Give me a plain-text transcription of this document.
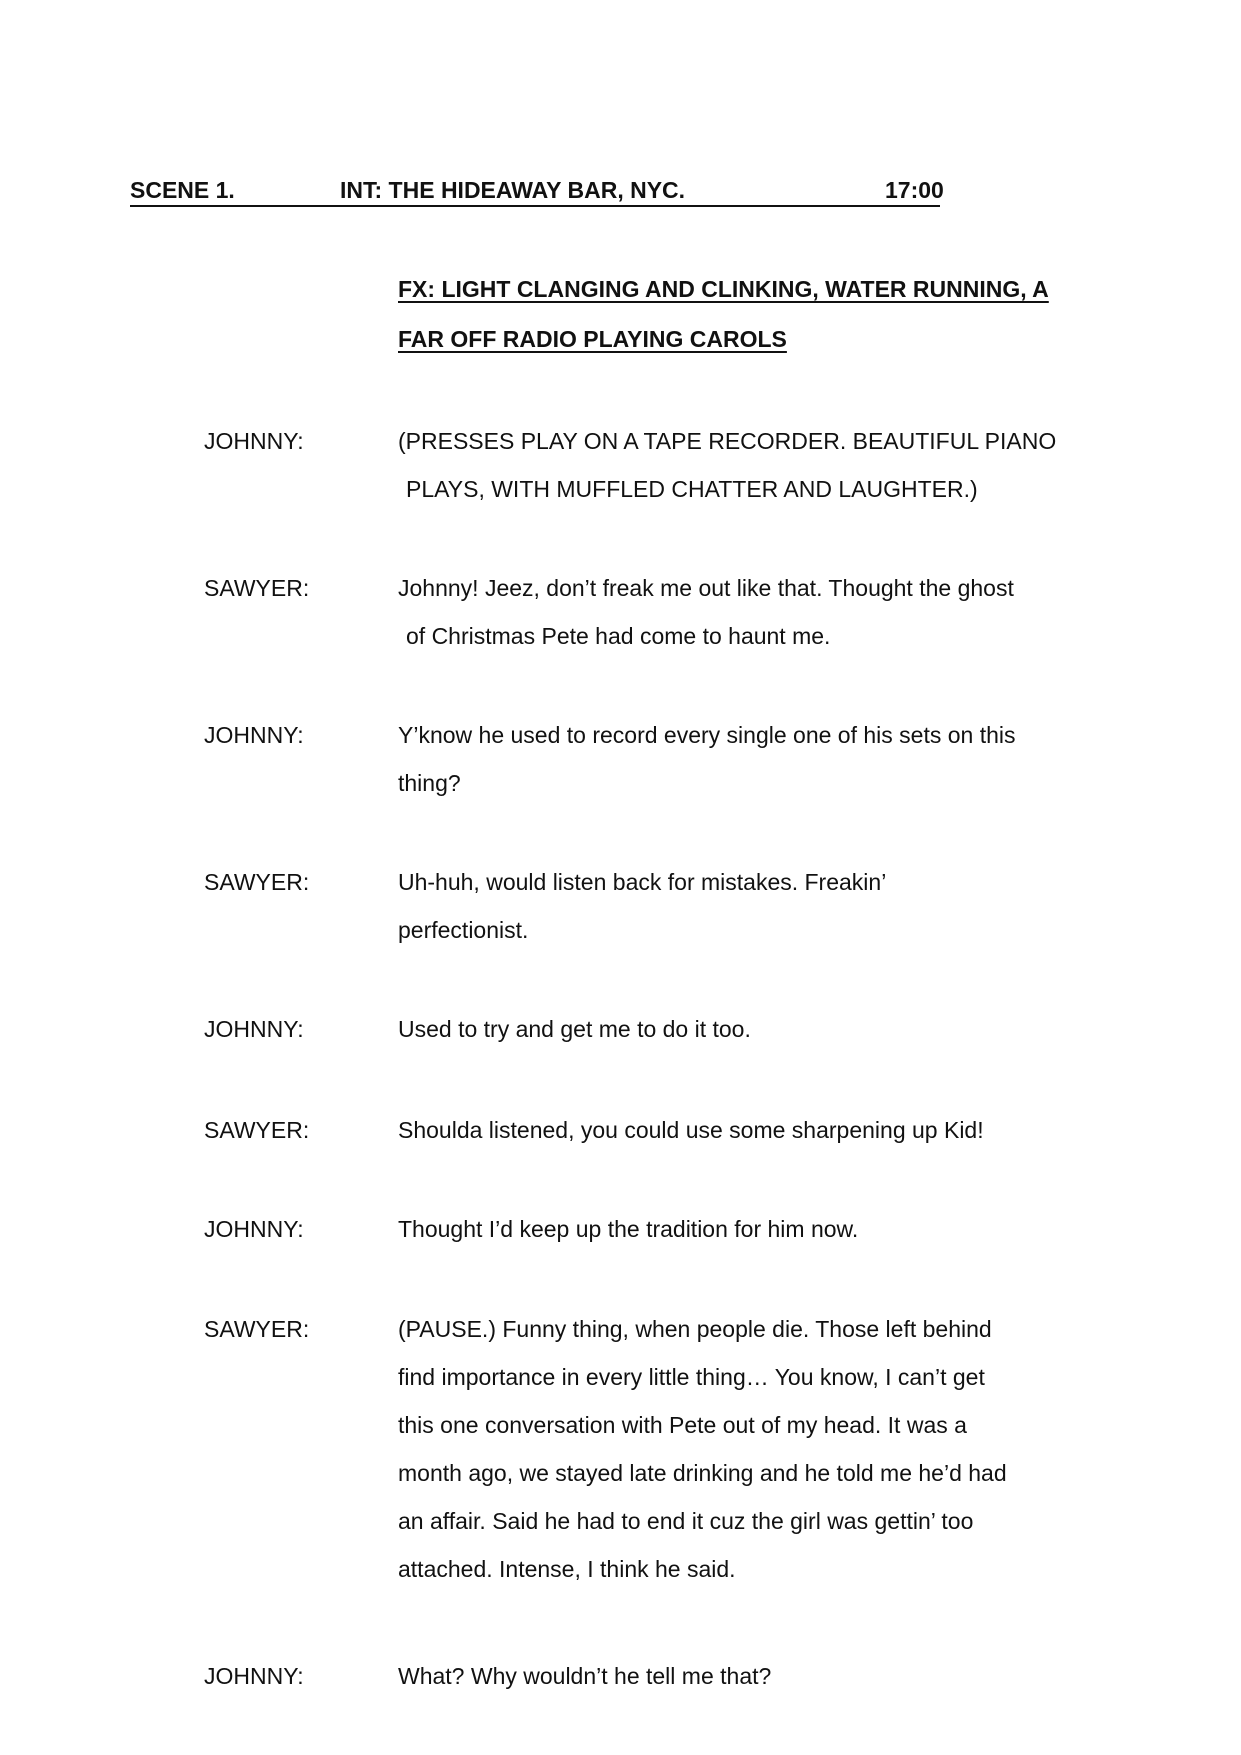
SCENE 1.	INT: THE HIDEAWAY BAR, NYC.	17:00
FX: LIGHT CLANGING AND CLINKING, WATER RUNNING, A
FAR OFF RADIO PLAYING CAROLS
JOHNNY:	(PRESSES PLAY ON A TAPE RECORDER. BEAUTIFUL PIANO
PLAYS, WITH MUFFLED CHATTER AND LAUGHTER.)
SAWYER:	Johnny! Jeez, don’t freak me out like that. Thought the ghost
of Christmas Pete had come to haunt me.
JOHNNY:	Y’know he used to record every single one of his sets on this
thing?
SAWYER:	Uh-huh, would listen back for mistakes. Freakin’
perfectionist.
JOHNNY:	Used to try and get me to do it too.
SAWYER:	Shoulda listened, you could use some sharpening up Kid!
JOHNNY:	Thought I’d keep up the tradition for him now.
SAWYER:	(PAUSE.) Funny thing, when people die. Those left behind
find importance in every little thing… You know, I can’t get
this one conversation with Pete out of my head. It was a
month ago, we stayed late drinking and he told me he’d had
an affair. Said he had to end it cuz the girl was gettin’ too
attached. Intense, I think he said.
JOHNNY:	What? Why wouldn’t he tell me that?
